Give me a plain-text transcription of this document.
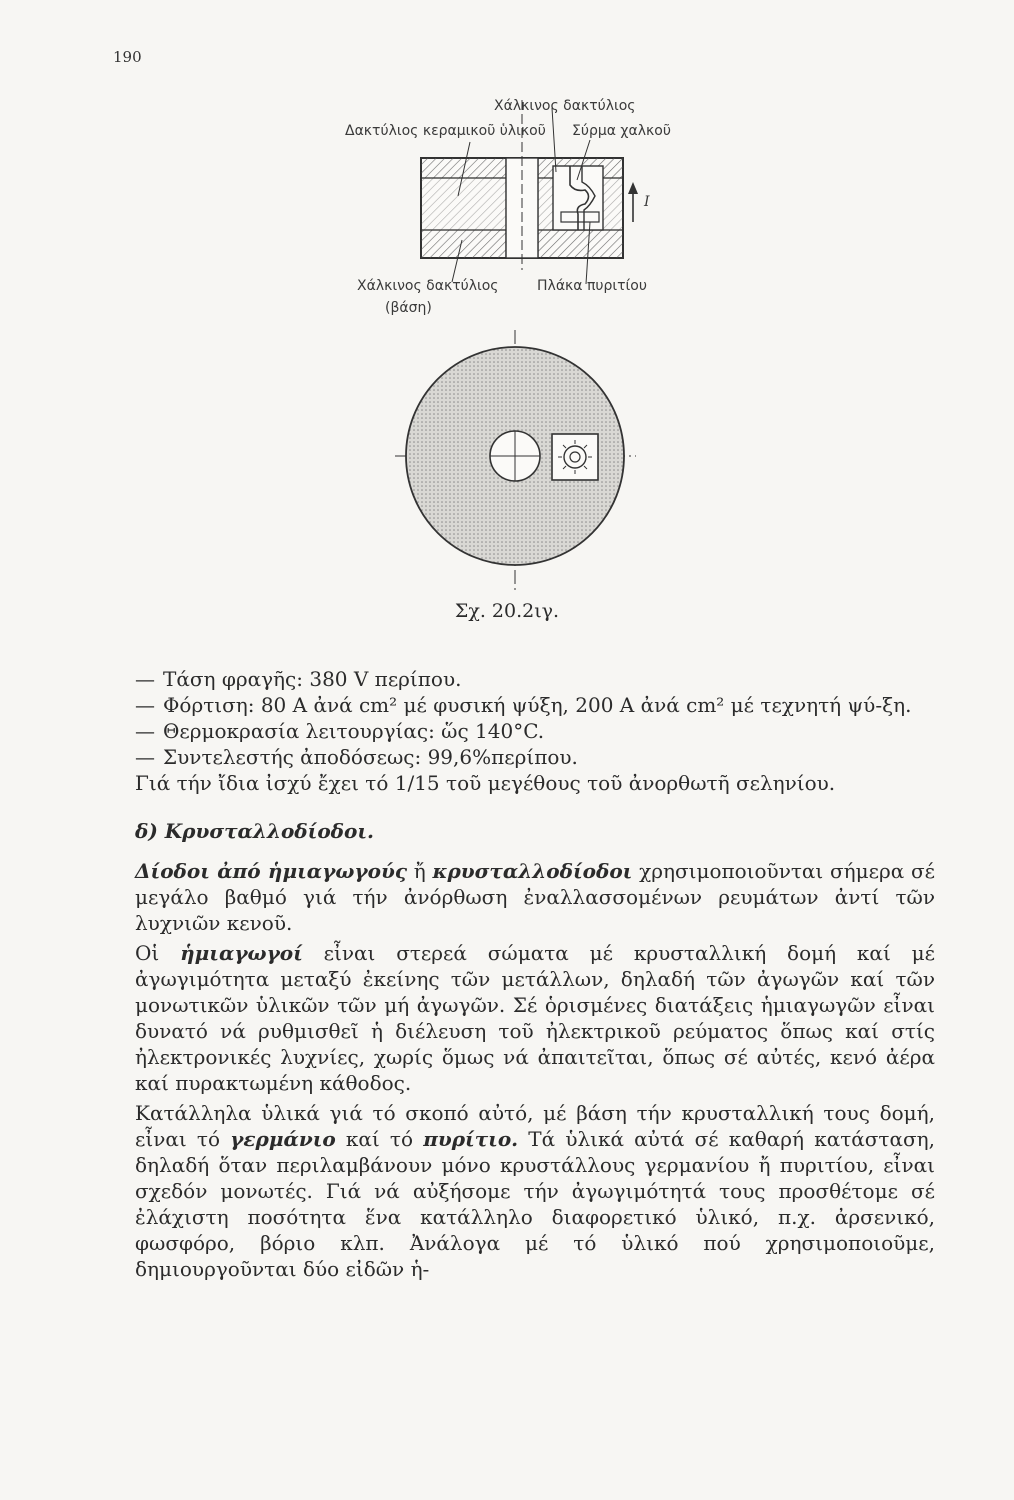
190
Χάλκινος δακτύλιος
Δακτύλιος κεραμικοῦ ὑλικοῦ Σύρμα χαλκοῦ
I
Χάλκινος δακτύλιος
(βάση)
Πλάκα πυριτίου
Σχ. 20.2ιγ.
— Τάση φραγῆς: 380 V περίπου.
— Φόρτιση: 80 A ἀνά cm² μέ φυσική ψύξη, 200 A ἀνά cm² μέ τεχνητή ψύ-ξη.
— Θερμοκρασία λειτουργίας: ὥς 140°C.
— Συντελεστής ἀποδόσεως: 99,6%περίπου.
Γιά τήν ἴδια ἰσχύ ἔχει τό 1/15 τοῦ μεγέθους τοῦ ἀνορθωτῆ σεληνίου.
δ) Κρυσταλλοδίοδοι.
Δίοδοι ἀπό ἡμιαγωγούς ἤ κρυσταλλοδίοδοι χρησιμοποιοῦνται σήμερα σέ μεγάλο βαθμό γιά τήν ἀνόρθωση ἐναλλασσομένων ρευμάτων ἀντί τῶν λυχνιῶν κενοῦ.
Οἱ ἡμιαγωγοί εἶναι στερεά σώματα μέ κρυσταλλική δομή καί μέ ἀγωγιμότητα μεταξύ ἐκείνης τῶν μετάλλων, δηλαδή τῶν ἀγωγῶν καί τῶν μονωτικῶν ὑλικῶν τῶν μή ἀγωγῶν. Σέ ὁρισμένες διατάξεις ἡμιαγωγῶν εἶναι δυνατό νά ρυθμισθεῖ ἡ διέλευση τοῦ ἠλεκτρικοῦ ρεύματος ὅπως καί στίς ἠλεκτρονικές λυχνίες, χωρίς ὅμως νά ἀπαιτεῖται, ὅπως σέ αὐτές, κενό ἀέρα καί πυρακτωμένη κάθοδος.
Κατάλληλα ὑλικά γιά τό σκοπό αὐτό, μέ βάση τήν κρυσταλλική τους δομή, εἶναι τό γερμάνιο καί τό πυρίτιο. Τά ὑλικά αὐτά σέ καθαρή κατάσταση, δηλαδή ὅταν περιλαμβάνουν μόνο κρυστάλλους γερμανίου ἤ πυριτίου, εἶναι σχεδόν μονωτές. Γιά νά αὐξήσομε τήν ἀγωγιμότητά τους προσθέτομε σέ ἐλάχιστη ποσότητα ἕνα κατάλληλο διαφορετικό ὑλικό, π.χ. ἀρσενικό, φωσφόρο, βόριο κλπ. Ἀνάλογα μέ τό ὑλικό πού χρησιμοποιοῦμε, δημιουργοῦνται δύο εἰδῶν ἡ-
